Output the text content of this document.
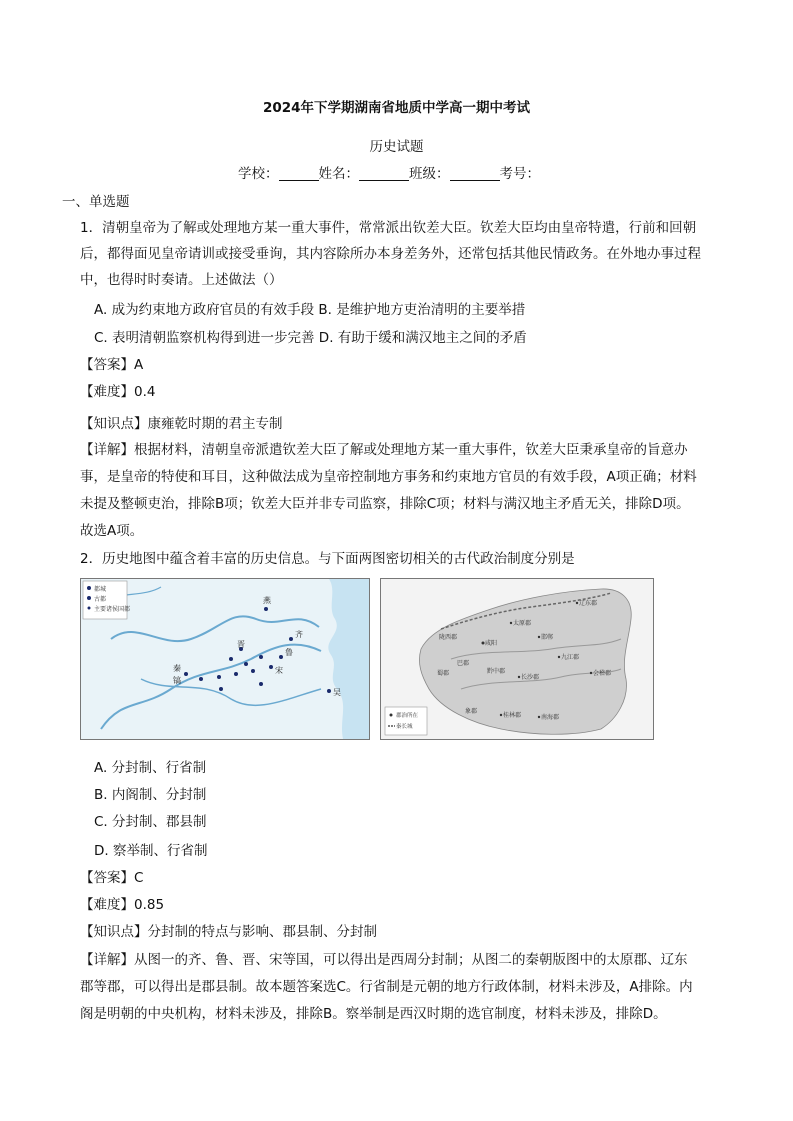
2024年下学期湖南省地质中学高一期中考试
历史试题
学校：	姓名：	班级：	考号：
一、单选题
1．清朝皇帝为了解或处理地方某一重大事件，常常派出钦差大臣。钦差大臣均由皇帝特遣，行前和回朝
后，都得面见皇帝请训或接受垂询，其内容除所办本身差务外，还常包括其他民情政务。在外地办事过程
中，也得时时奏请。上述做法（）
A. 成为约束地方政府官员的有效手段 B. 是维护地方吏治清明的主要举措
C. 表明清朝监察机构得到进一步完善 D. 有助于缓和满汉地主之间的矛盾
【答案】A
【难度】0.4
【知识点】康雍乾时期的君主专制
【详解】根据材料，清朝皇帝派遣钦差大臣了解或处理地方某一重大事件，钦差大臣秉承皇帝的旨意办
事，是皇帝的特使和耳目，这种做法成为皇帝控制地方事务和约束地方官员的有效手段，A项正确；材料
未提及整顿吏治，排除B项；钦差大臣并非专司监察，排除C项；材料与满汉地主矛盾无关，排除D项。
故选A项。
2．历史地图中蕴含着丰富的历史信息。与下面两图密切相关的古代政治制度分别是
都城
古都
主要诸侯国都
燕
齐
晋
鲁
宋
秦
镐
吴
郡治所在
秦长城
辽东郡
太原郡
咸阳
邯郸
会稽郡
南海郡
桂林郡
象郡
九江郡
长沙郡
黔中郡
巴郡
蜀郡
陇西郡
A. 分封制、行省制
B. 内阁制、分封制
C. 分封制、郡县制
D. 察举制、行省制
【答案】C
【难度】0.85
【知识点】分封制的特点与影响、郡县制、分封制
【详解】从图一的齐、鲁、晋、宋等国，可以得出是西周分封制；从图二的秦朝版图中的太原郡、辽东
郡等郡，可以得出是郡县制。故本题答案选C。行省制是元朝的地方行政体制，材料未涉及，A排除。内
阁是明朝的中央机构，材料未涉及，排除B。察举制是西汉时期的选官制度，材料未涉及，排除D。
